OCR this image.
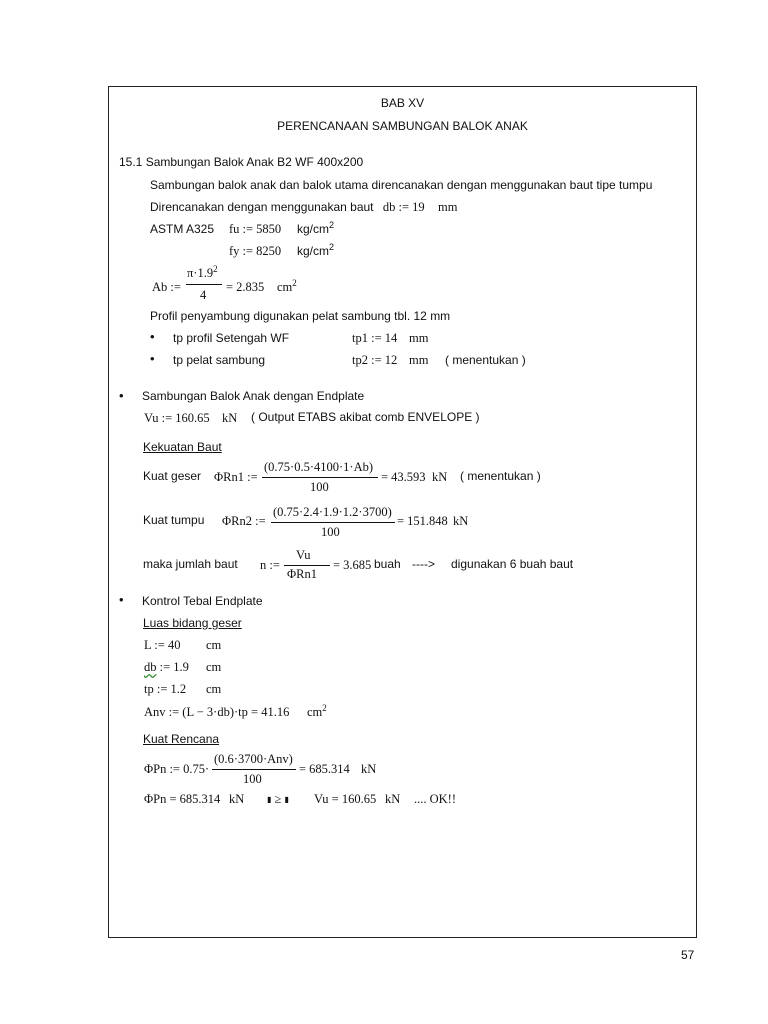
BAB XV
PERENCANAAN SAMBUNGAN BALOK ANAK
15.1 Sambungan Balok Anak B2 WF 400x200
Sambungan balok anak dan balok utama direncanakan dengan menggunakan baut tipe tumpu
Direncanakan dengan menggunakan baut db := 19 mm
ASTM A325 fu := 5850 $kg/cm^2$
fy := 8250 $kg/cm^2$
Ab :=
$\pi\cdot 1.9^2$
4
= 2.835 $cm^2$
Profil penyambung digunakan pelat sambung tbl. 12 mm
• tp profil Setengah WF	tp1 := 14 mm
• tp pelat sambung	tp2 := 12 mm ( menentukan )
• Sambungan Balok Anak dengan Endplate
Vu := 160.65 kN ( Output ETABS akibat comb ENVELOPE )
Kekuatan Baut
Kuat geser ΦRn1 :=
(0.75·0.5·4100·1·Ab)
100
= 43.593 kN ( menentukan )
Kuat tumpu ΦRn2 :=
(0.75·2.4·1.9·1.2·3700)
100
= 151.848 kN
maka jumlah baut n :=
Vu
ΦRn1
= 3.685 buah ----> digunakan 6 buah baut
• Kontrol Tebal Endplate
Luas bidang geser
L := 40 cm
db := 1.9 cm
tp := 1.2 cm
Anv := (L − 3·db)·tp = 41.16 $cm^2$
Kuat Rencana
ΦPn := 0.75·
(0.6·3700·Anv)
100
= 685.314 kN
ΦPn = 685.314 kN	▮ ≥ ▮ Vu = 160.65 kN .... OK!!
57
